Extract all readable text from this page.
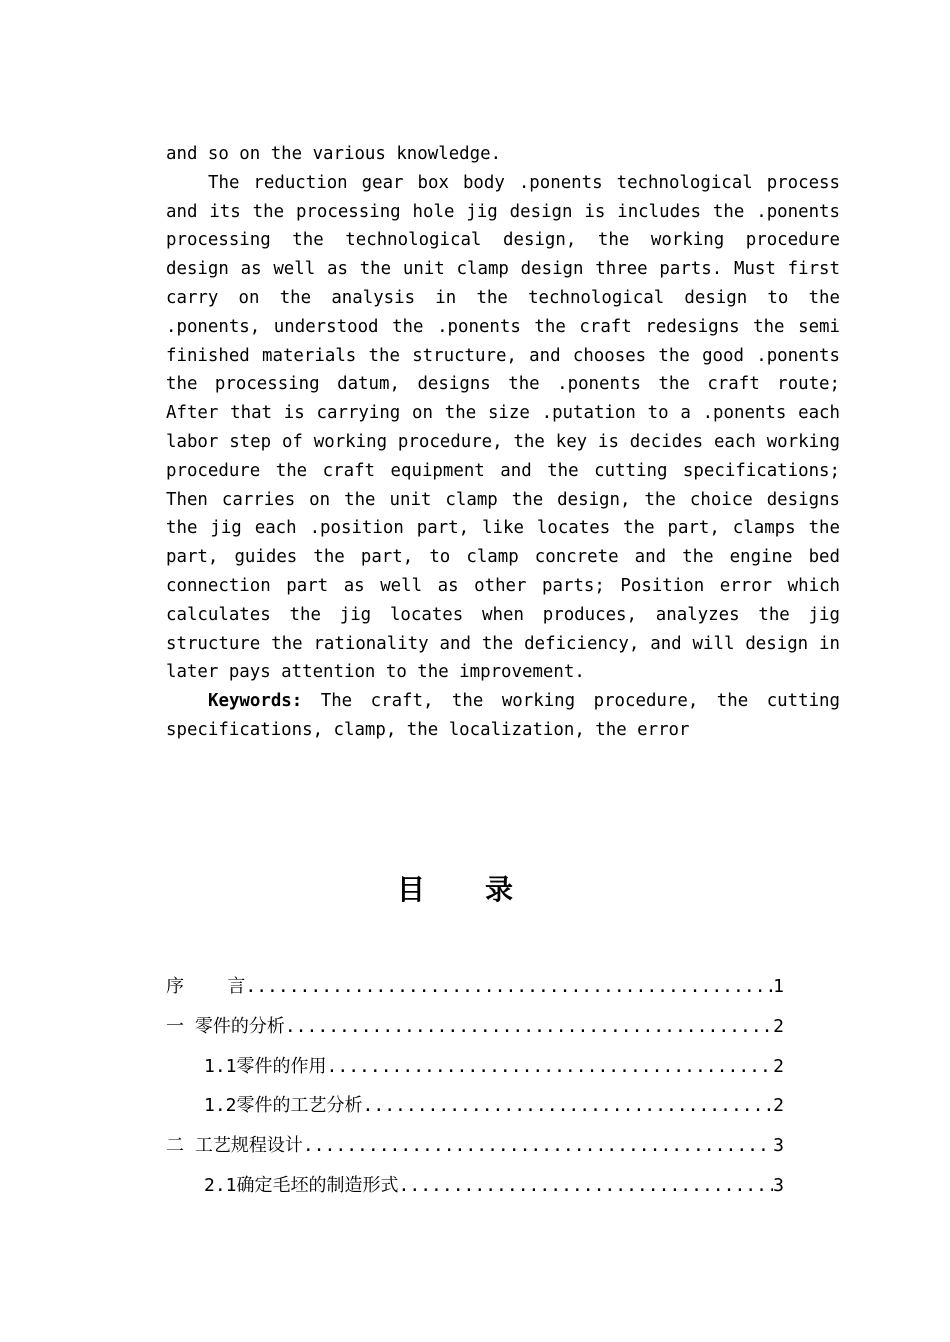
and so on the various knowledge.

The reduction gear box body .ponents technological process and its the processing hole jig design is includes the .ponents processing the technological design, the working procedure design as well as the unit clamp design three parts. Must first carry on the analysis in the technological design to the .ponents, understood the .ponents the craft redesigns the semi finished materials the structure, and chooses the good .ponents the processing datum, designs the .ponents the craft route; After that is carrying on the size .putation to a .ponents each labor step of working procedure, the key is decides each working procedure the craft equipment and the cutting specifications; Then carries on the unit clamp the design, the choice designs the jig each .position part, like locates the part, clamps the part, guides the part, to clamp concrete and the engine bed connection part as well as other parts; Position error which calculates the jig locates when produces, analyzes the jig structure the rationality and the deficiency, and will design in later pays attention to the improvement.

Keywords: The craft, the working procedure, the cutting specifications, clamp, the localization, the error

目录
序    言 .....	1
一 零件的分析 .....	2
1.1零件的作用 .....	2
1.2零件的工艺分析 .....	2
二 工艺规程设计 .....	3
2.1确定毛坯的制造形式 .....	3
